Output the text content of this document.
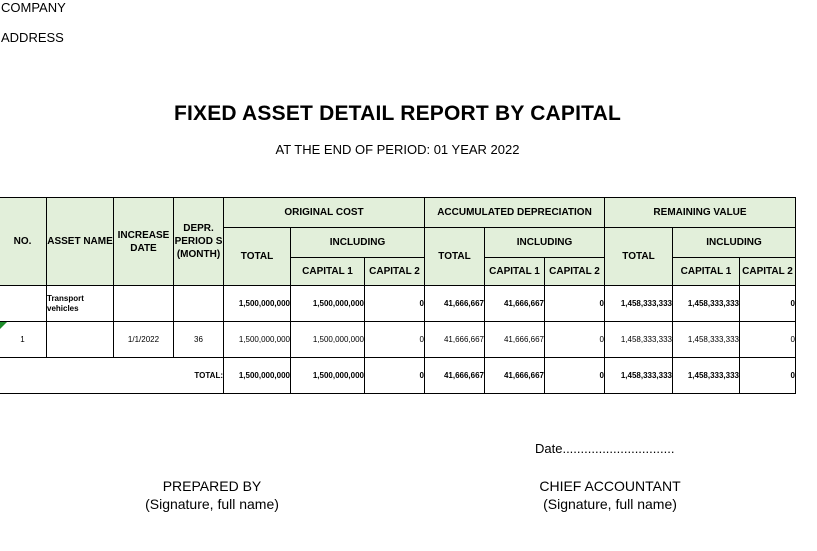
COMPANY
ADDRESS
FIXED ASSET DETAIL REPORT BY CAPITAL
AT THE END OF PERIOD: 01 YEAR 2022
NO.	ASSET NAME	INCREASE DATE	DEPR. PERIOD S (MONTH)	ORIGINAL COST			ACCUMULATED DEPRECIATION			REMAINING VALUE		
				TOTAL	INCLUDING		TOTAL	INCLUDING		TOTAL	INCLUDING	
					CAPITAL 1	CAPITAL 2		CAPITAL 1	CAPITAL 2		CAPITAL 1	CAPITAL 2
	Transport vehicles			1,500,000,000	1,500,000,000	0	41,666,667	41,666,667	0	1,458,333,333	1,458,333,333	0
1		1/1/2022	36	1,500,000,000	1,500,000,000	0	41,666,667	41,666,667	0	1,458,333,333	1,458,333,333	0
TOTAL:				1,500,000,000	1,500,000,000	0	41,666,667	41,666,667	0	1,458,333,333	1,458,333,333	0
Date...............................
PREPARED BY
(Signature, full name)
CHIEF ACCOUNTANT
(Signature, full name)
